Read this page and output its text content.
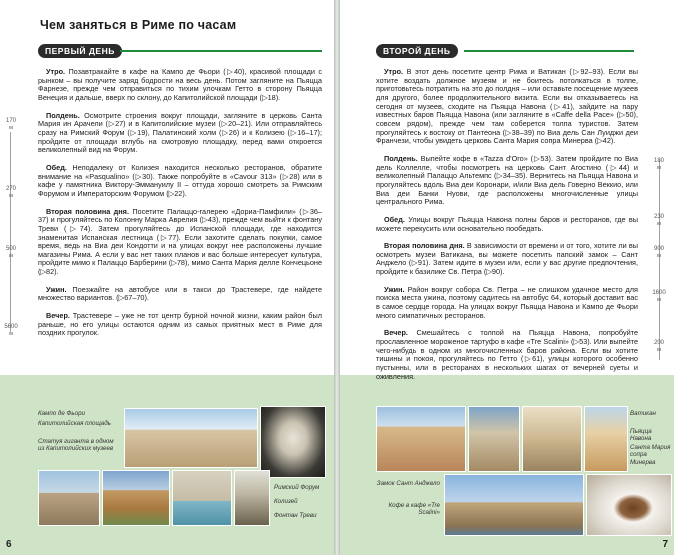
Чем заняться в Риме по часам
ПЕРВЫЙ ДЕНЬ

Утро. Позавтракайте в кафе на Кампо де Фьори (▷40), красивой площади с рынком – вы получите заряд бодрости на весь день. Потом загляните на Пьяцца Фарнезе, прежде чем отправиться по тихим улочкам Гетто в сторону Пьяцца Венеция и дальше, вверх по склону, до Капитолийской площади (▷18).

Полдень. Осмотрите строения вокруг площади, загляните в церковь Санта Мария ин Арачели (▷27) и в Капитолийские музеи (▷20–21). Или отправляйтесь сразу на Римский Форум (▷19), Палатинский холм (▷26) и к Колизею (▷16–17); пройдите от площади вглубь на смотровую площадку, перед вами откроется великолепный вид на Форум.

Обед. Неподалеку от Колизея находится несколько ресторанов, обратите внимание на «Pasqualino» (▷30). Также попробуйте в «Cavour 313» (▷28) или в кафе у памятника Виктору-Эммануилу II – оттуда хорошо смотреть за Римским Форумом и Императорским Форумом (▷22).

Вторая половина дня. Посетите Палаццо-галерею «Дориа-Памфили» (▷36–37) и прогуляйтесь по Колонну Марка Аврелия (▷43), прежде чем выйти к фонтану Треви (▷74). Затем прогуляйтесь до Испанской площади, где находится знаменитая Испанская лестница (▷77). Если захотите сделать покупки, самое время, ведь на Виа деи Кондотти и на улицах вокруг нее расположены лучшие магазины Рима. А если у вас нет таких планов и вас больше интересует культура, пройдите мимо к Палаццо Барберини (▷78), мимо Санта Мария делле Кончецьоне (▷82).

Ужин. Поезжайте на автобусе или в такси до Трастевере, где найдете множество вариантов. (▷67–70).

Вечер. Трастевере – уже не тот центр бурной ночной жизни, каким район был раньше, но его улицы остаются одним из самых приятных мест в Риме для поздних прогулок.

170
м
270
м
500
м
5600
м
Кампо де Фьори
Капитолийская площадь
Статуя гиганта в одном из Капитолийских музеев
Римский Форум
Колизей
Фонтан Треви
6
ВТОРОЙ ДЕНЬ

Утро. В этот день посетите центр Рима и Ватикан (▷92–93). Если вы хотите воздать должное музеям и не боитесь потолкаться в толпе, приготовьтесь потратить на это до полдня – или оставьте посещение музеев для другого, более продолжительного визита. Если вы отказываетесь на сегодня от музеев, сходите на Пьяцца Навона (▷41), зайдите на пару известных баров Пьяцца Навона (или загляните в «Caffe della Pace» (▷50), совсем рядом), прежде чем там соберется толпа туристов. Затем прогуляйтесь к востоку от Пантеона (▷38–39) по Виа дель Сан Луиджи деи Франчези, чтобы увидеть церковь Санта Мария сопра Минерва (▷42).

Полдень. Выпейте кофе в «Tazza d'Oro» (▷53). Затем пройдите по Виа дель Коллелле, чтобы посмотреть на церковь Сант Агостино (▷44) и великолепный Палаццо Альтемпс (▷34–35). Вернитесь на Пьяцца Навона и прогуляйтесь вдоль Виа деи Коронари, и/или Виа дель Говерно Веккио, или Виа деи Банки Нуови, где расположены многочисленные улицы центрального Рима.

Обед. Улицы вокруг Пьяцца Навона полны баров и ресторанов, где вы можете перекусить или основательно пообедать.

Вторая половина дня. В зависимости от времени и от того, хотите ли вы осмотреть музеи Ватикана, вы можете посетить папский замок – Сант Анджело (▷91). Затем идите в музеи или, если у вас другие предпочтения, пройдите к базилике Св. Петра (▷90).

Ужин. Район вокруг собора Св. Петра – не слишком удачное место для поиска места ужина, поэтому садитесь на автобус 64, который доставит вас в самое сердце города. На улицах вокруг Пьяцца Навона и Кампо де Фьори много симпатичных ресторанов.

Вечер. Смешайтесь с толпой на Пьяцца Навона, попробуйте прославленное мороженое тартуфо в кафе «Tre Scalini» (▷53). Или выпейте чего-нибудь в одном из многочисленных баров района. Если вы хотите тишины и покоя, прогуляйтесь по Гетто (▷61), улицы которого особенно пустынны, или в ресторанах в нескольких шагах от вечерней суеты и оживления.

180
м
230
м
900
м
1600
м
200
м
Ватикан
Пьяцца Навона
Санта Мария сопра Минерва
Замок Сант Анджело
Кофе в кафе «Tre Scalini»
7
